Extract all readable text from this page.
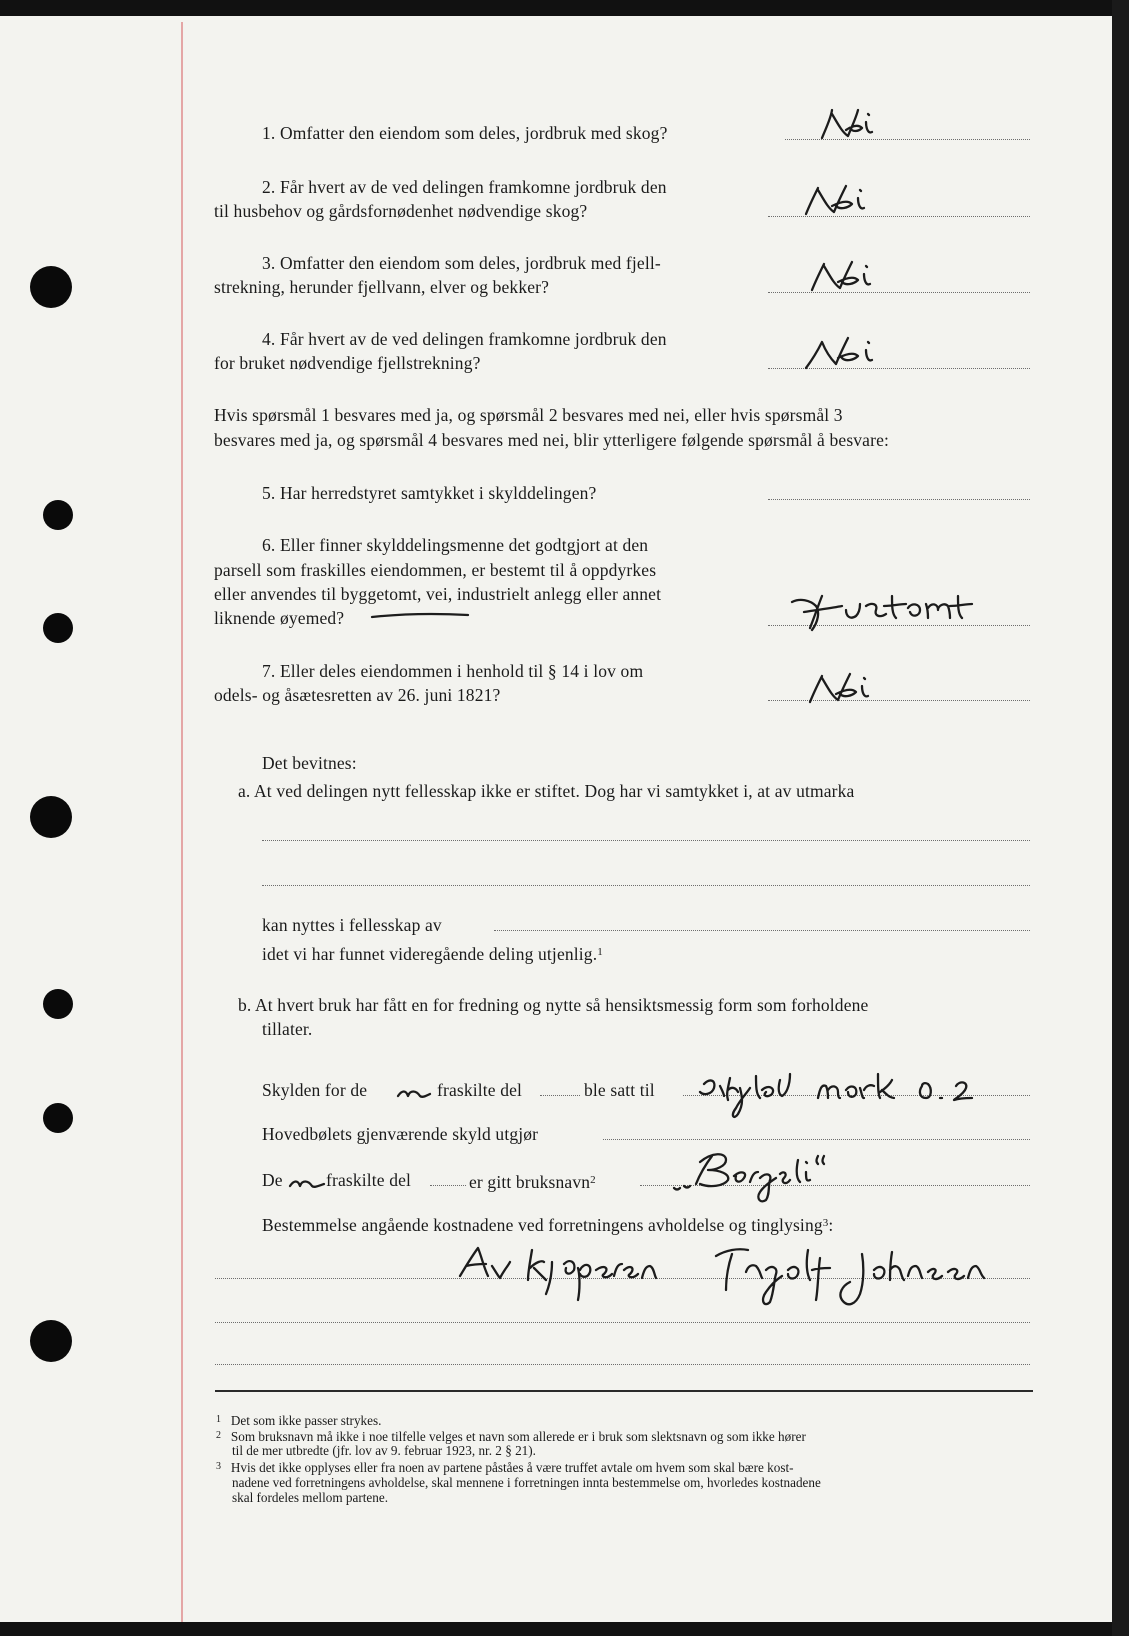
1. Omfatter den eiendom som deles, jordbruk med skog?
2. Får hvert av de ved delingen framkomne jordbruk den
til husbehov og gårdsfornødenhet nødvendige skog?
3. Omfatter den eiendom som deles, jordbruk med fjell-
strekning, herunder fjellvann, elver og bekker?
4. Får hvert av de ved delingen framkomne jordbruk den
for bruket nødvendige fjellstrekning?
Hvis spørsmål 1 besvares med ja, og spørsmål 2 besvares med nei, eller hvis spørsmål 3
besvares med ja, og spørsmål 4 besvares med nei, blir ytterligere følgende spørsmål å besvare:
5. Har herredstyret samtykket i skylddelingen?
6. Eller finner skylddelingsmenne det godtgjort at den
parsell som fraskilles eiendommen, er bestemt til å oppdyrkes
eller anvendes til byggetomt, vei, industrielt anlegg eller annet
liknende øyemed?
7. Eller deles eiendommen i henhold til § 14 i lov om
odels- og åsætesretten av 26. juni 1821?
Det bevitnes:
a. At ved delingen nytt fellesskap ikke er stiftet. Dog har vi samtykket i, at av utmarka
kan nyttes i fellesskap av
idet vi har funnet videregående deling utjenlig.$^1$
b. At hvert bruk har fått en for fredning og nytte så hensiktsmessig form som forholdene
tillater.
Skylden for de	fraskilte del	ble satt til
Hovedbølets gjenværende skyld utgjør
De fraskilte del	er gitt bruksnavn$^2$
Bestemmelse angående kostnadene ved forretningens avholdelse og tinglysing$^3$:
$^1$ Det som ikke passer strykes.
$^2$ Som bruksnavn må ikke i noe tilfelle velges et navn som allerede er i bruk som slektsnavn og som ikke hører
til de mer utbredte (jfr. lov av 9. februar 1923, nr. 2 § 21).
$^3$ Hvis det ikke opplyses eller fra noen av partene påståes å være truffet avtale om hvem som skal bære kost-
nadene ved forretningens avholdelse, skal mennene i forretningen inntа bestemmelse om, hvorledes kostnadene
skal fordeles mellom partene.
